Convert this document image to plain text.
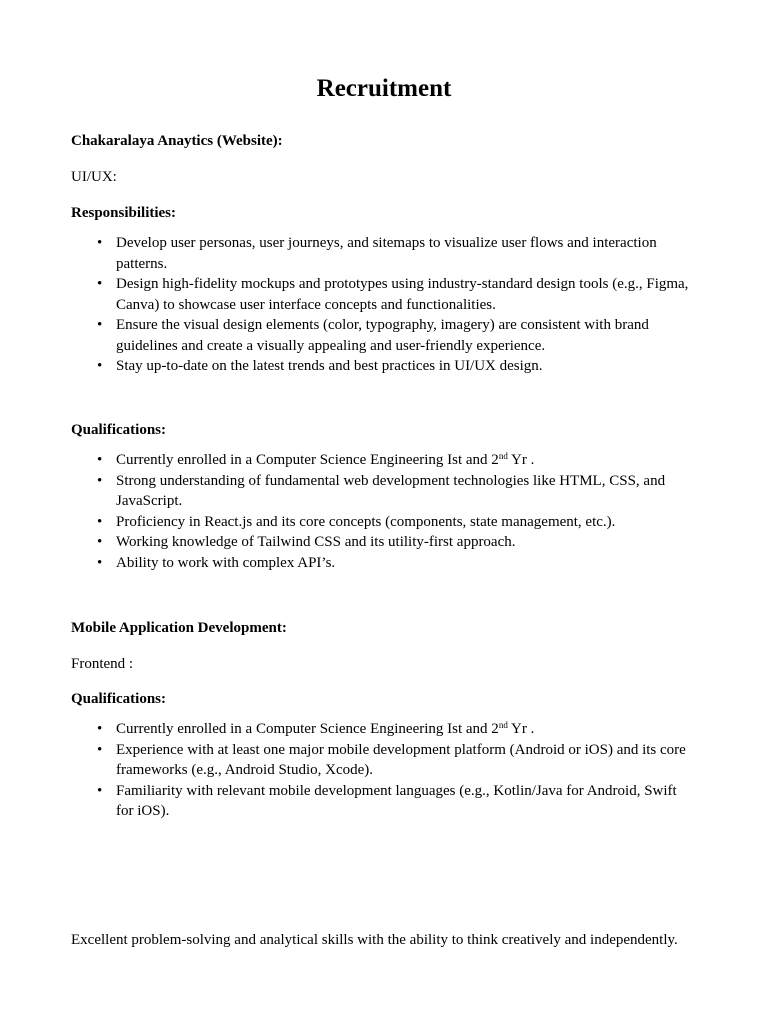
Recruitment

Chakaralaya Anaytics (Website):

UI/UX:

Responsibilities:

• Develop user personas, user journeys, and sitemaps to visualize user flows and interaction patterns.
• Design high-fidelity mockups and prototypes using industry-standard design tools (e.g., Figma, Canva) to showcase user interface concepts and functionalities.
• Ensure the visual design elements (color, typography, imagery) are consistent with brand guidelines and create a visually appealing and user-friendly experience.
• Stay up-to-date on the latest trends and best practices in UI/UX design.

Qualifications:

• Currently enrolled in a Computer Science Engineering Ist and 2nd Yr .
• Strong understanding of fundamental web development technologies like HTML, CSS, and JavaScript.
• Proficiency in React.js and its core concepts (components, state management, etc.).
• Working knowledge of Tailwind CSS and its utility-first approach.
• Ability to work with complex API’s.

Mobile Application Development:

Frontend :

Qualifications:

• Currently enrolled in a Computer Science Engineering Ist and 2nd Yr .
• Experience with at least one major mobile development platform (Android or iOS) and its core frameworks (e.g., Android Studio, Xcode).
• Familiarity with relevant mobile development languages (e.g., Kotlin/Java for Android, Swift for iOS).

Excellent problem-solving and analytical skills with the ability to think creatively and independently.
